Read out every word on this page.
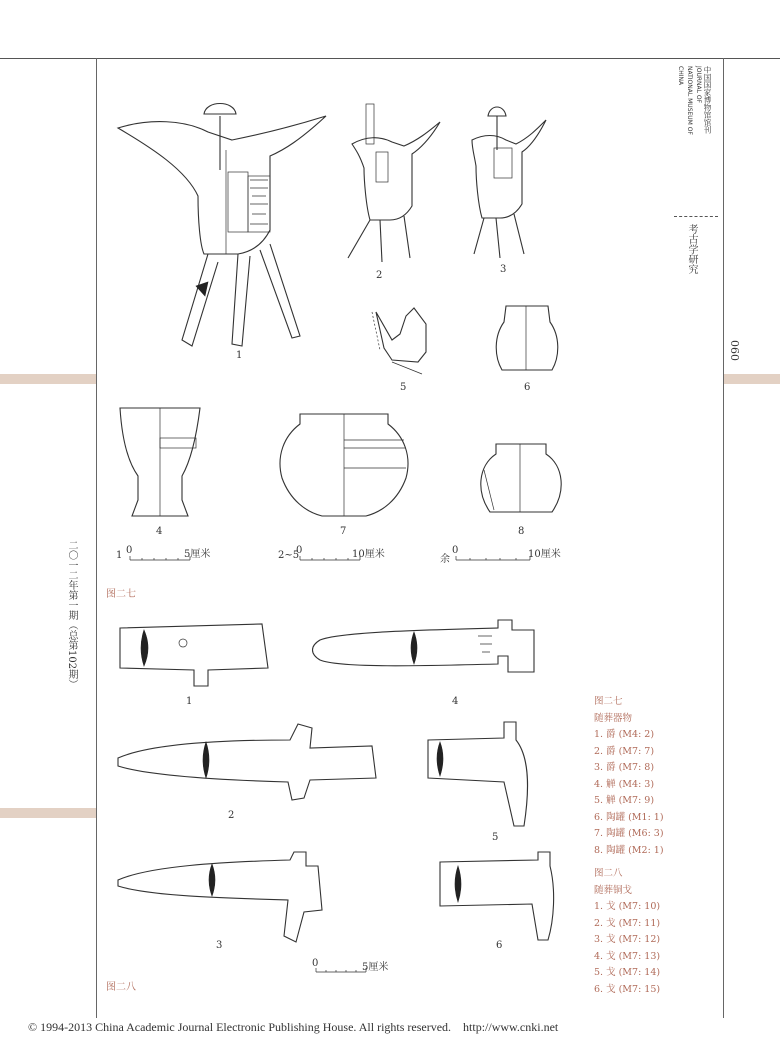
中国国家博物馆馆刊
JOURNAL OF
NATIONAL MUSEUM OF
CHINA
考古学研究
060
二〇一二年第一期（总第102期）
1
2
3
4
5	6
7	8
1 0	5厘米	2~5
0	10厘米	余
0	10厘米
图二七
1
2
3
4
5
6
0	5厘米
图二八
图二七
随葬器物
1. 爵 (M4: 2)
2. 爵 (M7: 7)
3. 爵 (M7: 8)
4. 觯 (M4: 3)
5. 觯 (M7: 9)
6. 陶罐 (M1: 1)
7. 陶罐 (M6: 3)
8. 陶罐 (M2: 1)
图二八
随葬铜戈
1. 戈 (M7: 10)
2. 戈 (M7: 11)
3. 戈 (M7: 12)
4. 戈 (M7: 13)
5. 戈 (M7: 14)
6. 戈 (M7: 15)
© 1994-2013 China Academic Journal Electronic Publishing House. All rights reserved.    http://www.cnki.net
